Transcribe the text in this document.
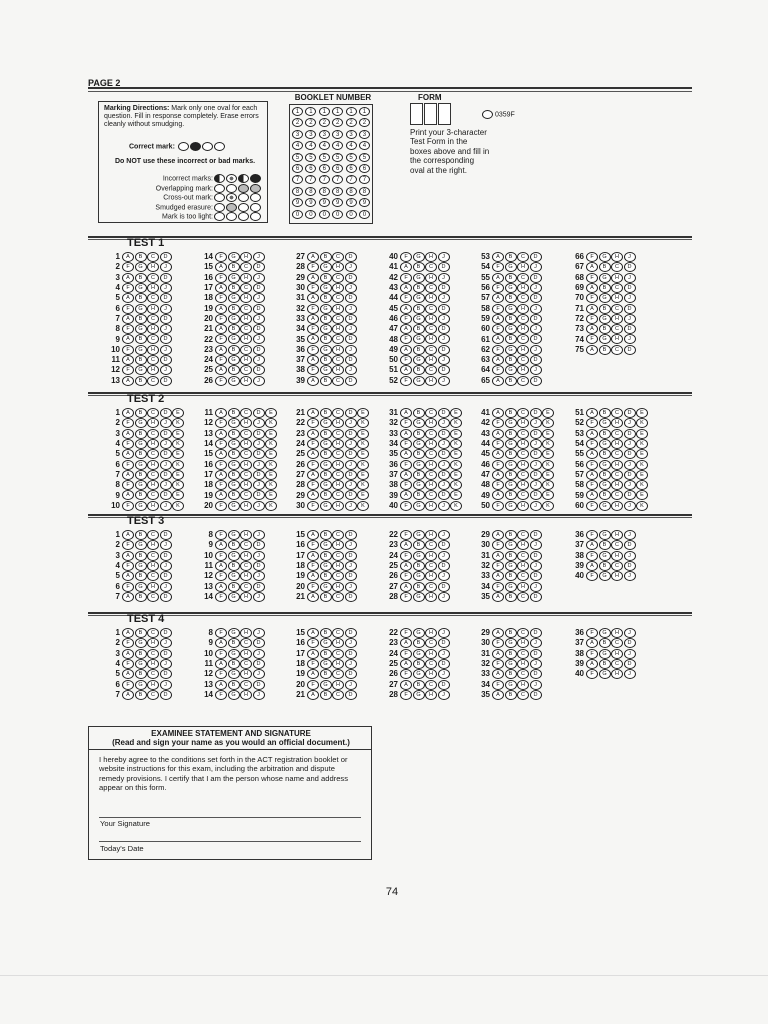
PAGE 2
Marking Directions: Mark only one oval for each question. Fill in response completely. Erase errors cleanly without smudging.
Correct mark:
Do NOT use these incorrect or bad marks.
Incorrect marks:
Overlapping mark:
Cross-out mark:
Smudged erasure:
Mark is too light:
BOOKLET NUMBER
1	1	1	1	1	1
2	2	2	2	2	2
3	3	3	3	3	3
4	4	4	4	4	4
5	5	5	5	5	5
6	6	6	6	6	6
7	7	7	7	7	7
8	8	8	8	8	8
9	9	9	9	9	9
0	0	0	0	0	0
FORM
Print your 3-character Test Form in the boxes above and fill in the corresponding oval at the right.
0359F
TEST 1
1 A B C D
2 F G H J
3 A B C D
4 F G H J
5 A B C D
6 F G H J
7 A B C D
8 F G H J
9 A B C D
10 F G H J
11 A B C D
12 F G H J
13 A B C D
14 F G H J
15 A B C D
16 F G H J
17 A B C D
18 F G H J
19 A B C D
20 F G H J
21 A B C D
22 F G H J
23 A B C D
24 F G H J
25 A B C D
26 F G H J
27 A B C D
28 F G H J
29 A B C D
30 F G H J
31 A B C D
32 F G H J
33 A B C D
34 F G H J
35 A B C D
36 F G H J
37 A B C D
38 F G H J
39 A B C D
40 F G H J
41 A B C D
42 F G H J
43 A B C D
44 F G H J
45 A B C D
46 F G H J
47 A B C D
48 F G H J
49 A B C D
50 F G H J
51 A B C D
52 F G H J
53 A B C D
54 F G H J
55 A B C D
56 F G H J
57 A B C D
58 F G H J
59 A B C D
60 F G H J
61 A B C D
62 F G H J
63 A B C D
64 F G H J
65 A B C D
66 F G H J
67 A B C D
68 F G H J
69 A B C D
70 F G H J
71 A B C D
72 F G H J
73 A B C D
74 F G H J
75 A B C D
TEST 2
1 A B C D E
2 F G H J K
3 A B C D E
4 F G H J K
5 A B C D E
6 F G H J K
7 A B C D E
8 F G H J K
9 A B C D E
10 F G H J K
11 A B C D E
12 F G H J K
13 A B C D E
14 F G H J K
15 A B C D E
16 F G H J K
17 A B C D E
18 F G H J K
19 A B C D E
20 F G H J K
21 A B C D E
22 F G H J K
23 A B C D E
24 F G H J K
25 A B C D E
26 F G H J K
27 A B C D E
28 F G H J K
29 A B C D E
30 F G H J K
31 A B C D E
32 F G H J K
33 A B C D E
34 F G H J K
35 A B C D E
36 F G H J K
37 A B C D E
38 F G H J K
39 A B C D E
40 F G H J K
41 A B C D E
42 F G H J K
43 A B C D E
44 F G H J K
45 A B C D E
46 F G H J K
47 A B C D E
48 F G H J K
49 A B C D E
50 F G H J K
51 A B C D E
52 F G H J K
53 A B C D E
54 F G H J K
55 A B C D E
56 F G H J K
57 A B C D E
58 F G H J K
59 A B C D E
60 F G H J K
TEST 3
1 A B C D
2 F G H J
3 A B C D
4 F G H J
5 A B C D
6 F G H J
7 A B C D
8 F G H J
9 A B C D
10 F G H J
11 A B C D
12 F G H J
13 A B C D
14 F G H J
15 A B C D
16 F G H J
17 A B C D
18 F G H J
19 A B C D
20 F G H J
21 A B C D
22 F G H J
23 A B C D
24 F G H J
25 A B C D
26 F G H J
27 A B C D
28 F G H J
29 A B C D
30 F G H J
31 A B C D
32 F G H J
33 A B C D
34 F G H J
35 A B C D
36 F G H J
37 A B C D
38 F G H J
39 A B C D
40 F G H J
TEST 4
1 A B C D
2 F G H J
3 A B C D
4 F G H J
5 A B C D
6 F G H J
7 A B C D
8 F G H J
9 A B C D
10 F G H J
11 A B C D
12 F G H J
13 A B C D
14 F G H J
15 A B C D
16 F G H J
17 A B C D
18 F G H J
19 A B C D
20 F G H J
21 A B C D
22 F G H J
23 A B C D
24 F G H J
25 A B C D
26 F G H J
27 A B C D
28 F G H J
29 A B C D
30 F G H J
31 A B C D
32 F G H J
33 A B C D
34 F G H J
35 A B C D
36 F G H J
37 A B C D
38 F G H J
39 A B C D
40 F G H J
EXAMINEE STATEMENT AND SIGNATURE
(Read and sign your name as you would an official document.)
I hereby agree to the conditions set forth in the ACT registration booklet or website instructions for this exam, including the arbitration and dispute remedy provisions. I certify that I am the person whose name and address appear on this form.
Your Signature
Today's Date
74
